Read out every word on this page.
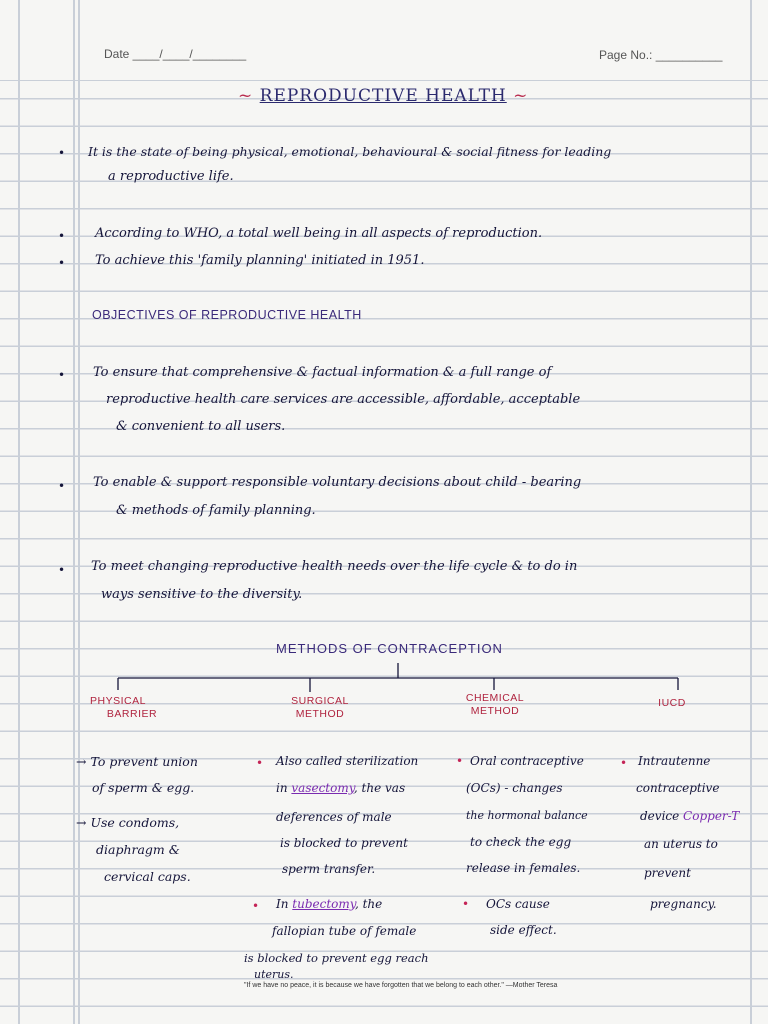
Date ____/____/________	Page No.: __________
~ REPRODUCTIVE HEALTH ~
• It is the state of being physical, emotional, behavioural & social fitness for leading
a reproductive life.
• According to WHO, a total well being in all aspects of reproduction.
• To achieve this 'family planning' initiated in 1951.
OBJECTIVES OF REPRODUCTIVE HEALTH
• To ensure that comprehensive & factual information & a full range of
reproductive health care services are accessible, affordable, acceptable
& convenient to all users.
• To enable & support responsible voluntary decisions about child - bearing
& methods of family planning.
• To meet changing reproductive health needs over the life cycle & to do in
ways sensitive to the diversity.
METHODS OF CONTRACEPTION
PHYSICAL
BARRIER
SURGICAL
METHOD
CHEMICAL
METHOD
IUCD
→ To prevent union
of sperm & egg.
→ Use condoms,
diaphragm &
cervical caps.
• Also called sterilization
in vasectomy, the vas
deferences of male
is blocked to prevent
sperm transfer.
• In tubectomy, the
fallopian tube of female
is blocked to prevent egg reach
uterus.
• Oral contraceptive
(OCs) - changes
the hormonal balance
to check the egg
release in females.
• OCs cause
side effect.
• Intrautenne
contraceptive
device Copper-T
an uterus to
prevent
pregnancy.
"If we have no peace, it is because we have forgotten that we belong to each other." —Mother Teresa
